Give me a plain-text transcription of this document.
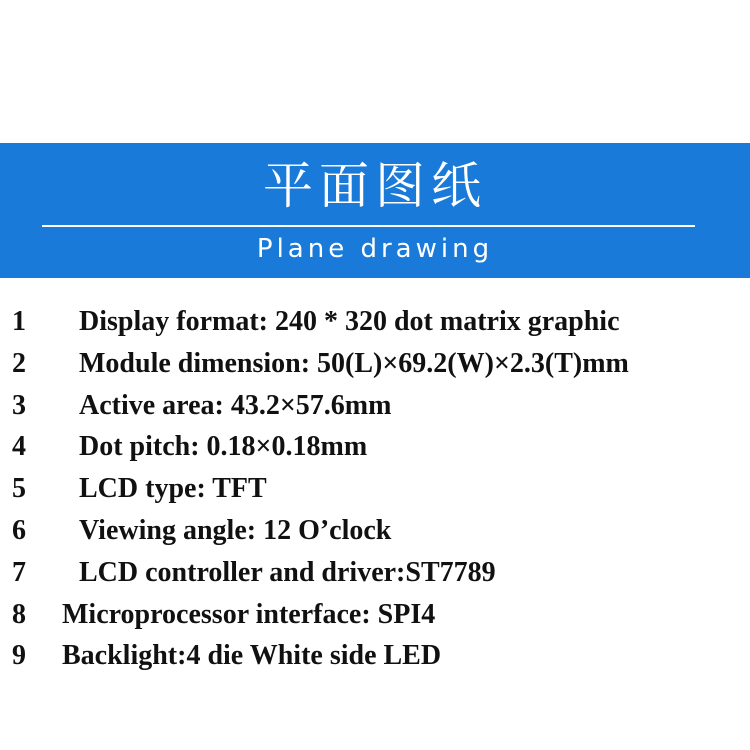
平面图纸
Plane drawing
1 Display format: 240 * 320 dot matrix graphic
2 Module dimension: 50(L)×69.2(W)×2.3(T)mm
3 Active area: 43.2×57.6mm
4 Dot pitch: 0.18×0.18mm
5 LCD type: TFT
6 Viewing angle: 12 O’clock
7 LCD controller and driver:ST7789
8 Microprocessor interface: SPI4
9 Backlight:4 die White side LED
